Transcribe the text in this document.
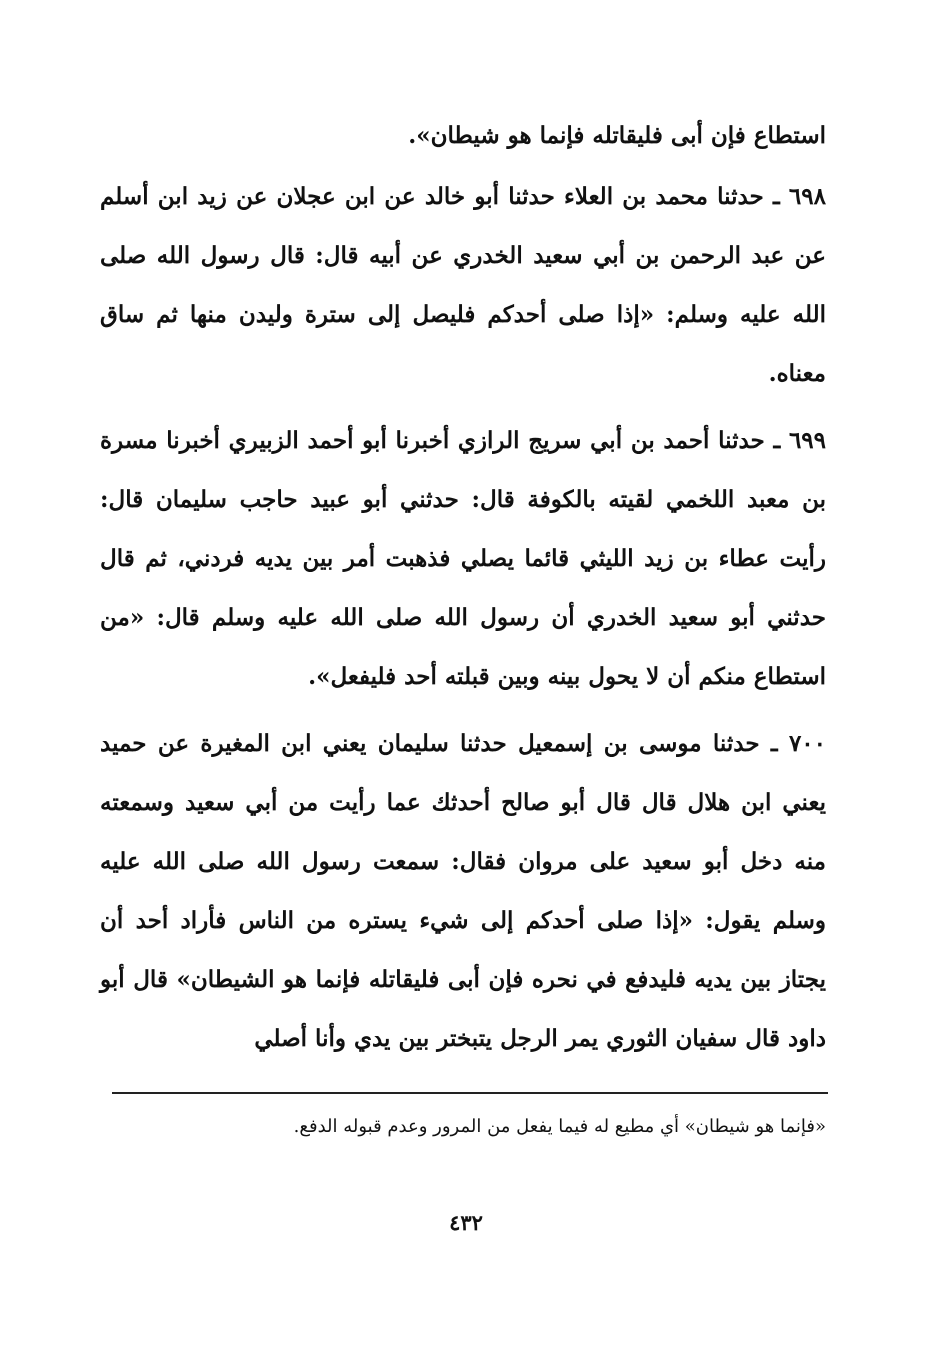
استطاع فإن أبى فليقاتله فإنما هو شيطان».

٦٩٨ ـ حدثنا محمد بن العلاء حدثنا أبو خالد عن ابن عجلان عن زيد ابن أسلم عن عبد الرحمن بن أبي سعيد الخدري عن أبيه قال: قال رسول الله صلى الله عليه وسلم: «إذا صلى أحدكم فليصل إلى سترة وليدن منها ثم ساق معناه.

٦٩٩ ـ حدثنا أحمد بن أبي سريج الرازي أخبرنا أبو أحمد الزبيري أخبرنا مسرة بن معبد اللخمي لقيته بالكوفة قال: حدثني أبو عبيد حاجب سليمان قال: رأيت عطاء بن زيد الليثي قائما يصلي فذهبت أمر بين يديه فردني، ثم قال حدثني أبو سعيد الخدري أن رسول الله صلى الله عليه وسلم قال: «من استطاع منكم أن لا يحول بينه وبين قبلته أحد فليفعل».

٧٠٠ ـ حدثنا موسى بن إسمعيل حدثنا سليمان يعني ابن المغيرة عن حميد يعني ابن هلال قال قال أبو صالح أحدثك عما رأيت من أبي سعيد وسمعته منه دخل أبو سعيد على مروان فقال: سمعت رسول الله صلى الله عليه وسلم يقول: «إذا صلى أحدكم إلى شيء يستره من الناس فأراد أحد أن يجتاز بين يديه فليدفع في نحره فإن أبى فليقاتله فإنما هو الشيطان» قال أبو داود قال سفيان الثوري يمر الرجل يتبختر بين يدي وأنا أصلي

«فإنما هو شيطان» أي مطيع له فيما يفعل من المرور وعدم قبوله الدفع.
٤٣٢
